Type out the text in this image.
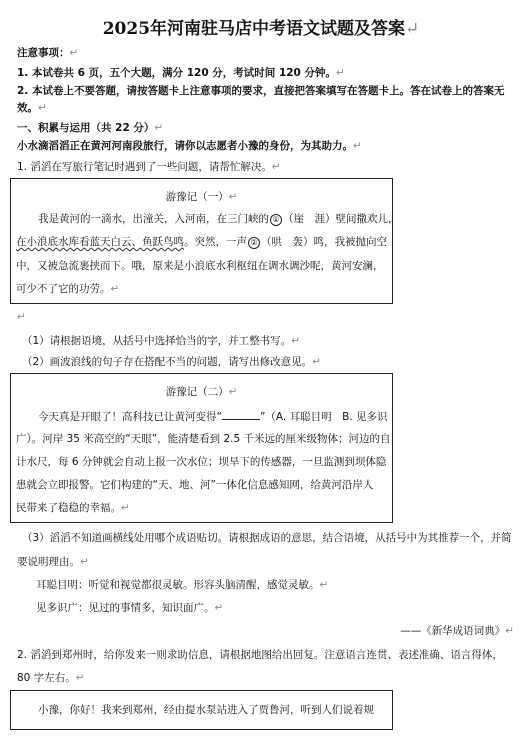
2025年河南驻马店中考语文试题及答案↵
注意事项：↵
1. 本试卷共 6 页，五个大题，满分 120 分，考试时间 120 分钟。↵
2. 本试卷上不要答题，请按答题卡上注意事项的要求，直接把答案填写在答题卡上。答在试卷上的答案无
效。↵
一、积累与运用（共 22 分）↵
小水滴滔滔正在黄河河南段旅行，请你以志愿者小豫的身份，为其助力。↵
1. 滔滔在写旅行笔记时遇到了一些问题，请帮忙解决。↵
游豫记（一）↵
我是黄河的一滴水，出潼关，入河南，在三门峡的 ① （崖　涯）壁间撒欢儿，
在小浪底水库看蓝天白云、鱼跃鸟鸣。突然，一声 ② （哄　轰）鸣，我被抛向空
中，又被急流裹挟而下。哦，原来是小浪底水利枢纽在调水调沙呢，黄河安澜，
可少不了它的功劳。↵
↵
（1）请根据语境，从括号中选择恰当的字，并工整书写。↵
（2）画波浪线的句子存在搭配不当的问题，请写出修改意见。↵
游豫记（二）↵
今天真是开眼了！高科技已让黄河变得“	”（A. 耳聪目明　B. 见多识
广）。河岸 35 米高空的“天眼”，能清楚看到 2.5 千米远的厘米级物体；河边的自
计水尺，每 6 分钟就会自动上报一次水位；坝旱下的传感器，一旦监测到坝体隐
患就会立即报警。它们构建的“天、地、河”一体化信息感知网，给黄河沿岸人
民带来了稳稳的幸福。↵
（3）滔滔不知道画横线处用哪个成语贴切。请根据成语的意思，结合语境，从括号中为其推荐一个，并简
要说明理由。↵
耳聪目明：听觉和视觉都很灵敏。形容头脑清醒，感觉灵敏。↵
见多识广：见过的事情多，知识面广。↵
——《新华成语词典》↵
2. 滔滔到郑州时，给你发来一则求助信息，请根据地图给出回复。注意语言连贯、表述准确、语言得体，
80 字左右。↵
小豫，你好！我来到郑州，经由提水泵站进入了贾鲁河，听到人们说着规
